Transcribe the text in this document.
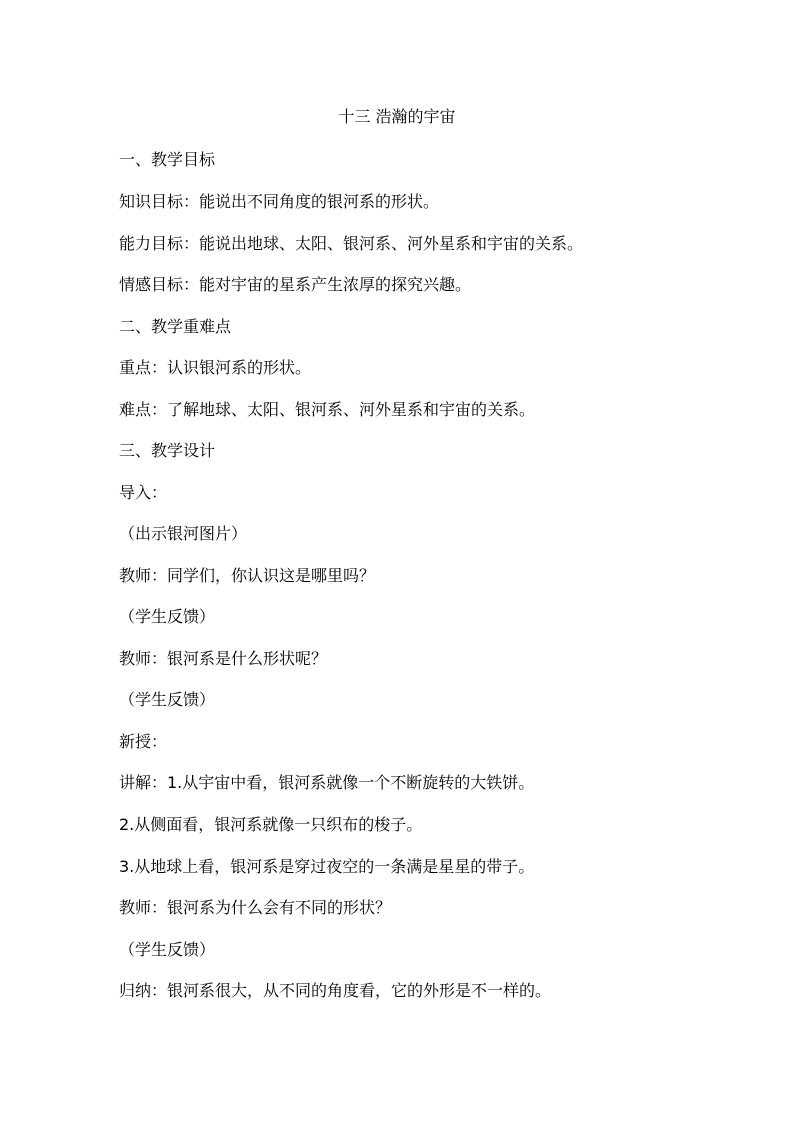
十三 浩瀚的宇宙
一、教学目标
知识目标：能说出不同角度的银河系的形状。
能力目标：能说出地球、太阳、银河系、河外星系和宇宙的关系。
情感目标：能对宇宙的星系产生浓厚的探究兴趣。
二、教学重难点
重点：认识银河系的形状。
难点：了解地球、太阳、银河系、河外星系和宇宙的关系。
三、教学设计
导入：
（出示银河图片）
教师：同学们，你认识这是哪里吗？
（学生反馈）
教师：银河系是什么形状呢？
（学生反馈）
新授：
讲解：1.从宇宙中看，银河系就像一个不断旋转的大铁饼。
2.从侧面看，银河系就像一只织布的梭子。
3.从地球上看，银河系是穿过夜空的一条满是星星的带子。
教师：银河系为什么会有不同的形状？
（学生反馈）
归纳：银河系很大，从不同的角度看，它的外形是不一样的。
